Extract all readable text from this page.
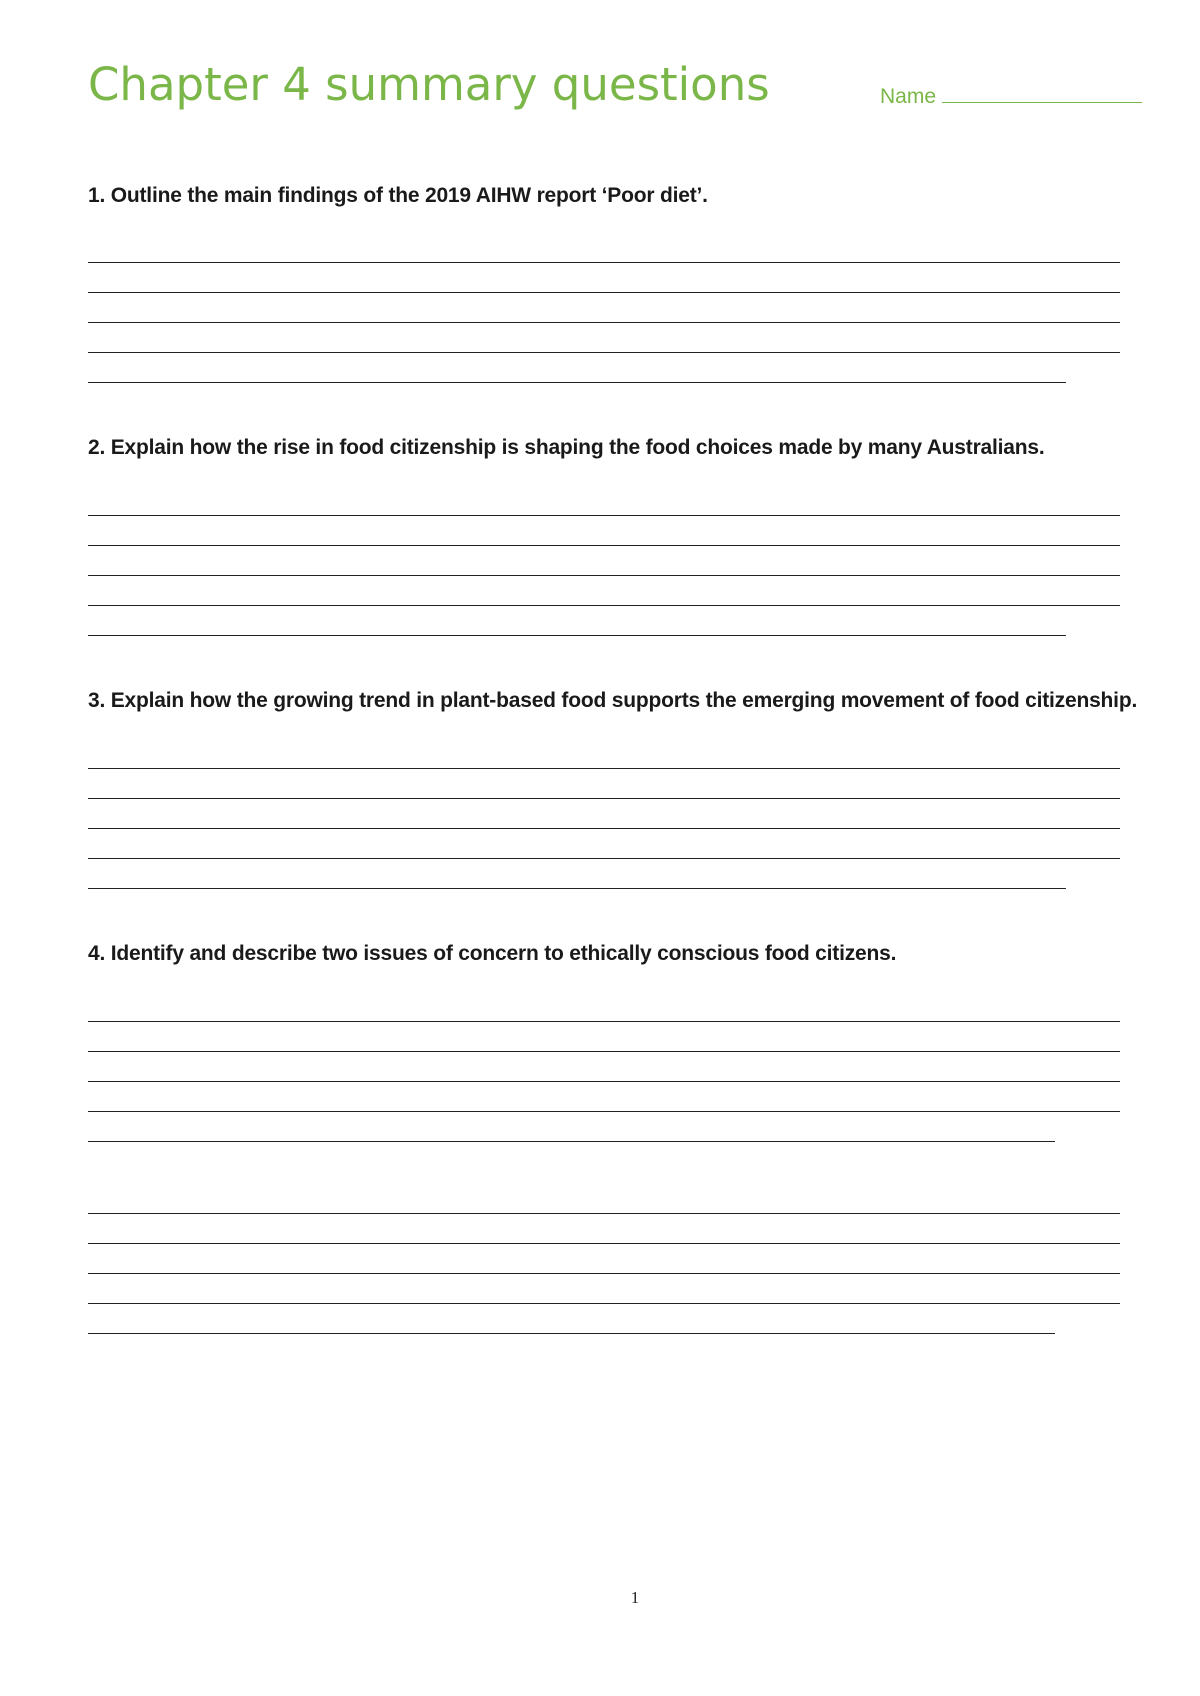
Chapter 4 summary questions	Name
1. Outline the main findings of the 2019 AIHW report ‘Poor diet’.
2. Explain how the rise in food citizenship is shaping the food choices made by many Australians.
3. Explain how the growing trend in plant-based food supports the emerging movement of food citizenship.
4. Identify and describe two issues of concern to ethically conscious food citizens.
1
